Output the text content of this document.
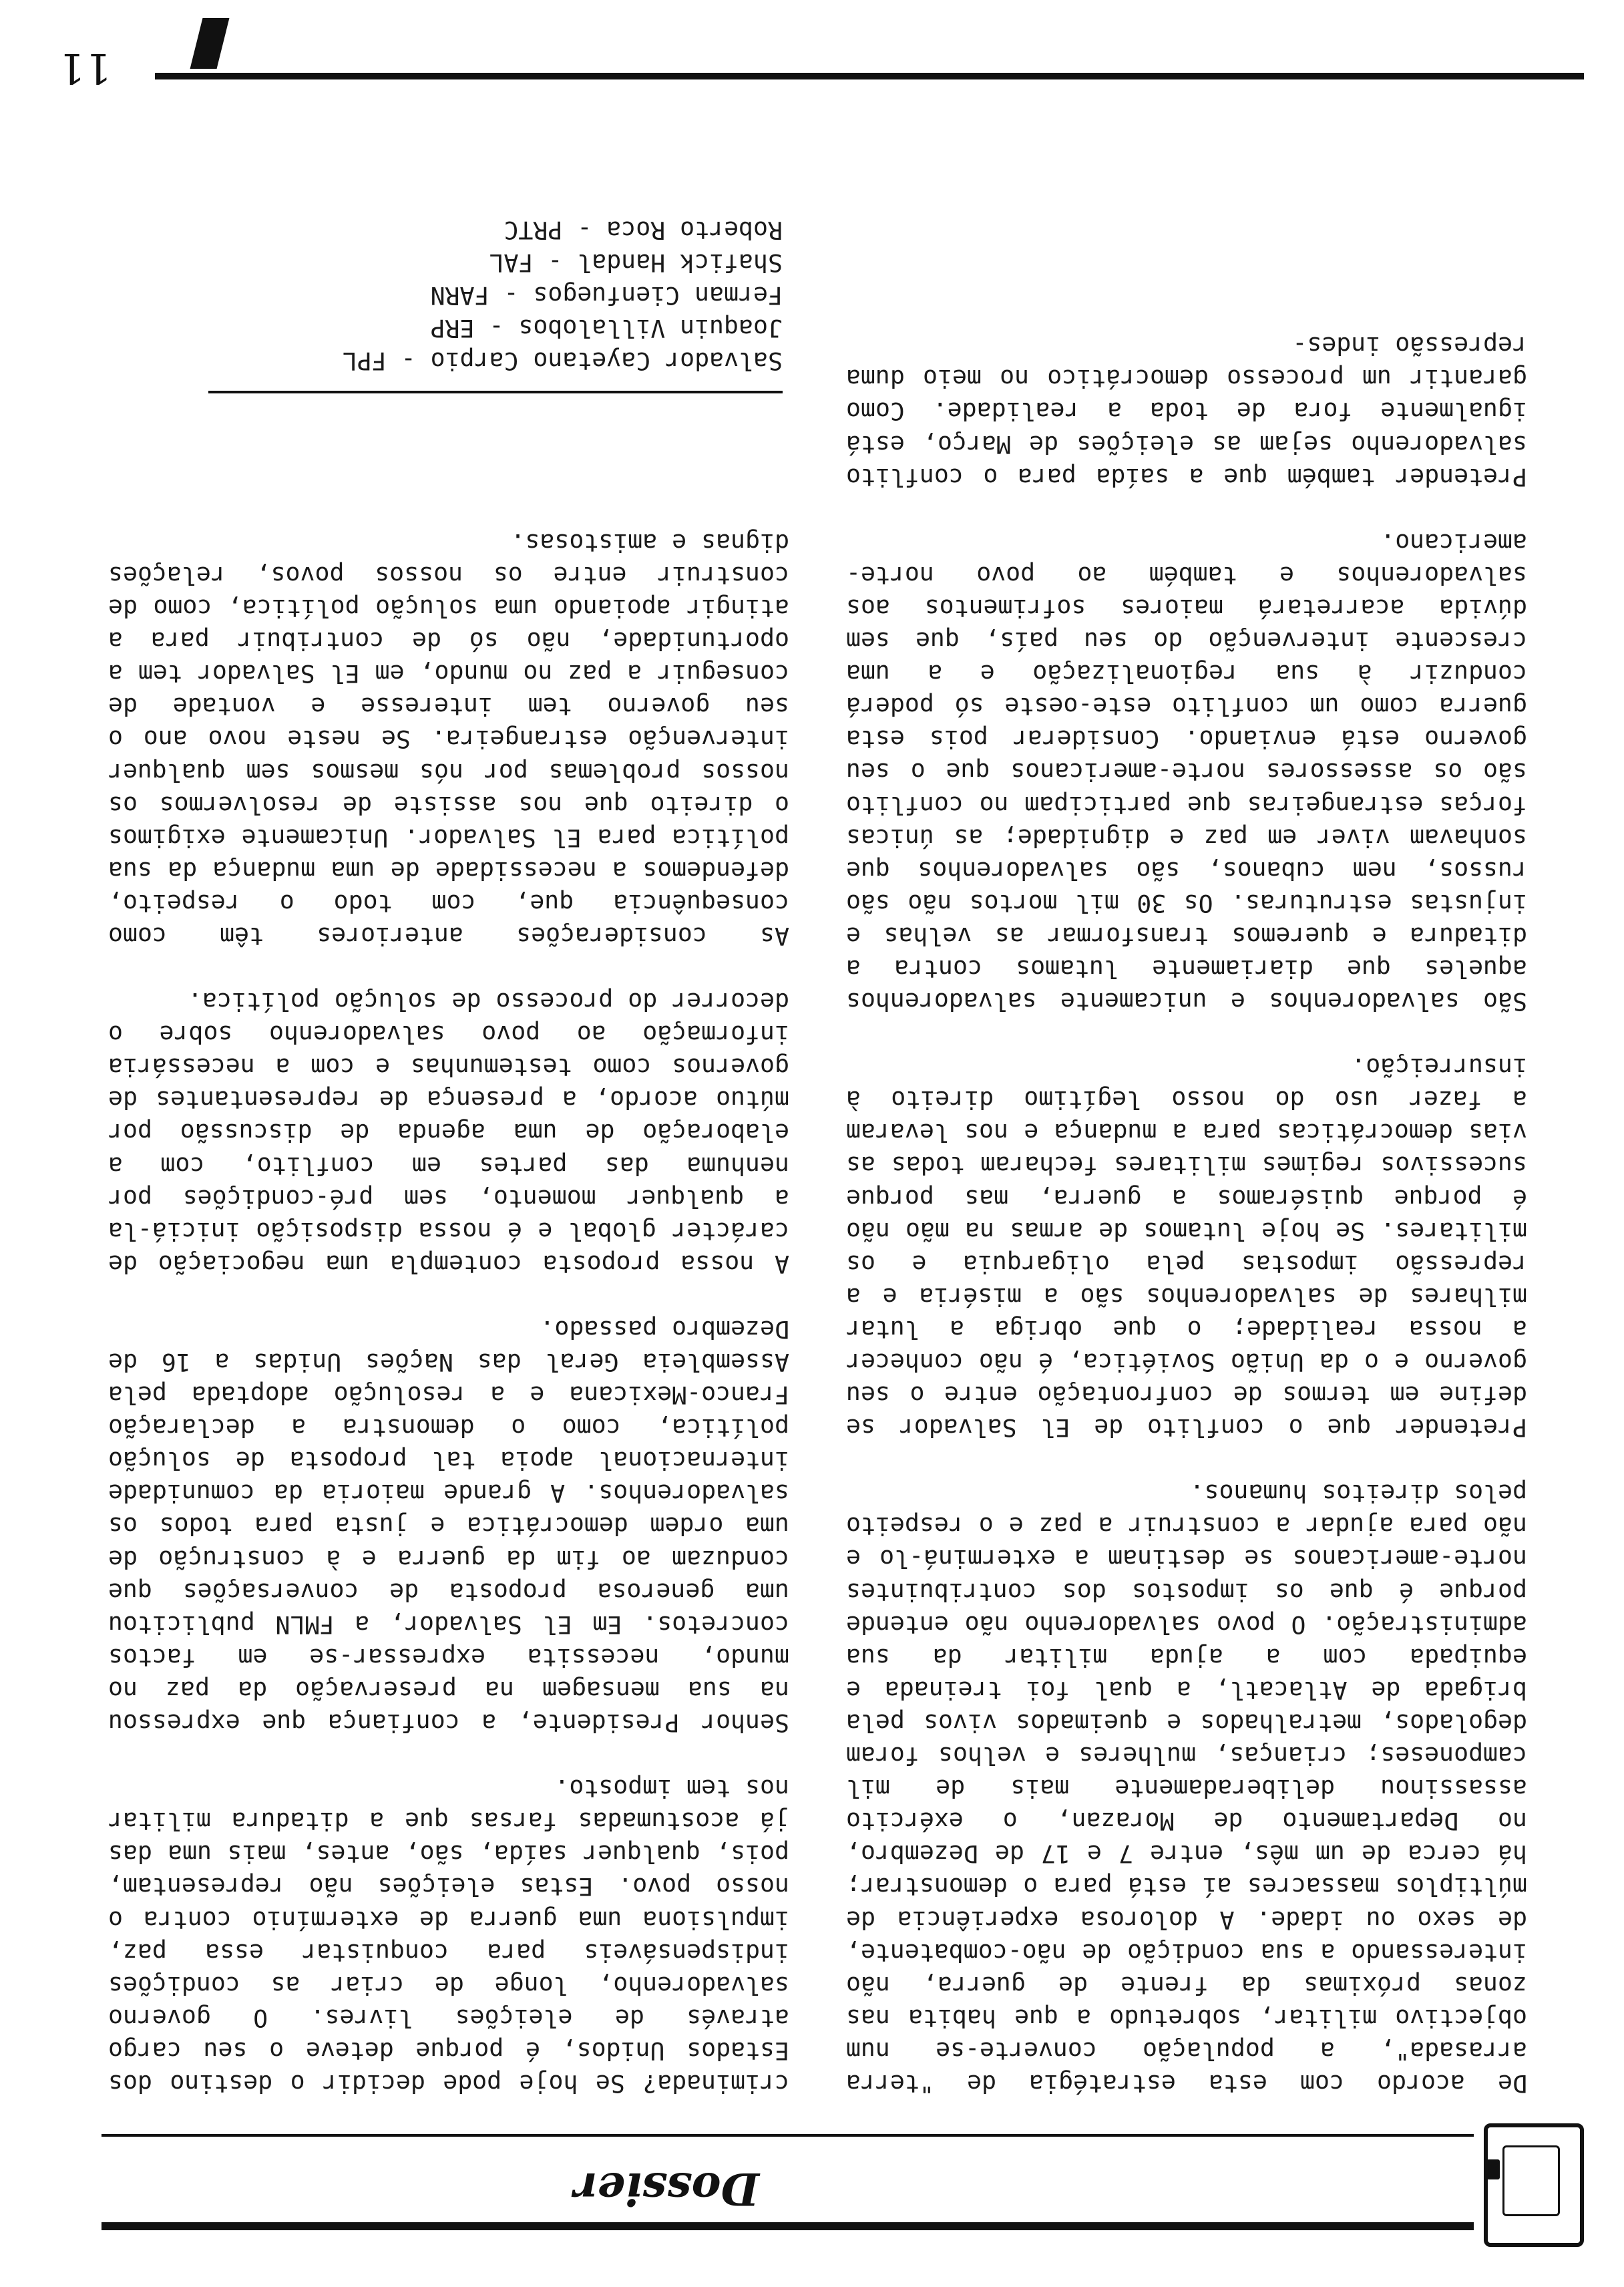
Dossier

De acordo com esta estratégia de "terra arrasada", a população converte-se num objectivo militar, sobretudo a que habita nas zonas próximas da frente de guerra, não interessando a sua condição de não-combatente, de sexo ou idade. A dolorosa experiência de múltiplos massacres aí está para o demonstrar; há cerca de um mês, entre 7 e 17 de Dezembro, no Departamento de Morazan, o exército assassinou deliberadamente mais de mil camponeses; crianças, mulheres e velhos foram degolados, metralhados e queimados vivos pela brigada de Atlacatl, a qual foi treinada e equipada com a ajuda militar da sua administração. O povo salvadorenho não entende porque é que os impostos dos contribuintes norte-americanos se destinam a exterminá-lo e não para ajudar a construir a paz e o respeito pelos direitos humanos.

Pretender que o conflito de El Salvador se define em termos de confrontação entre o seu governo e o da União Soviética, é não conhecer a nossa realidade; o que obriga a lutar milhares de salvadorenhos são a miséria e a repressão impostas pela oligarquia e os militares. Se hoje lutamos de armas na mão não é porque quiséramos a guerra, mas porque sucessivos regimes militares fecharam todas as vias democráticas para a mudança e nos levaram a fazer uso do nosso legítimo direito à insurreição.

São salvadorenhos e unicamente salvadorenhos aqueles que diariamente lutamos contra a ditadura e queremos transformar as velhas e injustas estruturas. Os 30 mil mortos não são russos, nem cubanos, são salvadorenhos que sonhavam viver em paz e dignidade; as únicas forças estrangeiras que participam no conflito são os assessores norte-americanos que o seu governo está enviando. Considerar pois esta guerra como um conflito este-oeste só poderá conduzir à sua regionalização e a uma crescente intervenção do seu país, que sem dúvida acarretará maiores sofrimentos aos salvadorenhos e também ao povo norte-americano.

Pretender também que a saída para o conflito salvadorenho sejam as eleições de Março, está igualmente fora de toda a realidade. Como garantir um processo democrático no meio duma repressão indes-

criminada? Se hoje pode decidir o destino dos Estados Unidos, é porque deteve o seu cargo através de eleições livres. O governo salvadorenho, longe de criar as condições indispensáveis para conquistar essa paz, impulsiona uma guerra de extermínio contra o nosso povo. Estas eleições não representam, pois, qualquer saída, são, antes, mais uma das já acostumadas farsas que a ditadura militar nos tem imposto.

Senhor Presidente, a confiança que expressou na sua mensagem na preservação da paz no mundo, necessita expressar-se em factos concretos. Em El Salvador, a FMLN publicitou uma generosa proposta de conversações que conduzam ao fim da guerra e à construção de uma ordem democrática e justa para todos os salvadorenhos. A grande maioria da comunidade internacional apoia tal proposta de solução política, como o demonstra a declaração Franco-Mexicana e a resolução adoptada pela Assembleia Geral das Nações Unidas a 16 de Dezembro passado.

A nossa proposta contempla uma negociação de carácter global e é nossa disposição iniciá-la a qualquer momento, sem pré-condições por nenhuma das partes em conflito, com a elaboração de uma agenda de discussão por mútuo acordo, a presença de representantes de governos como testemunhas e com a necessária informação ao povo salvadorenho sobre o decorrer do processo de solução política.

As considerações anteriores têm como consequência que, com todo o respeito, defendemos a necessidade de uma mudança da sua política para El Salvador. Unicamente exigimos o direito que nos assiste de resolvermos os nossos problemas por nós mesmos sem qualquer intervenção estrangeira. Se neste novo ano o seu governo tem interesse e vontade de conseguir a paz no mundo, em El Salvador tem a oportunidade, não só de contribuir para a atingir apoiando uma solução política, como de construir entre os nossos povos, relações dignas e amistosas.

Salvador Cayetano Carpio - FPL
Joaquin Villalobos - ERP
Ferman Cienfuegos - FARN
Shafick Handal - FAL
Roberto Roca - PRTC
11
